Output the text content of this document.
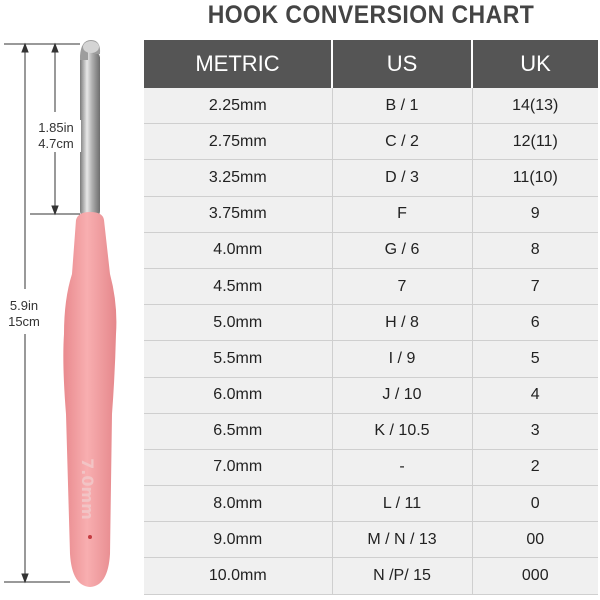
HOOK CONVERSION CHART
7.0mm
1.85in
4.7cm
5.9in
15cm
METRIC	US	UK
2.25mm	B / 1	14(13)
2.75mm	C / 2	12(11)
3.25mm	D / 3	11(10)
3.75mm	F	9
4.0mm	G / 6	8
4.5mm	7	7
5.0mm	H / 8	6
5.5mm	I / 9	5
6.0mm	J / 10	4
6.5mm	K / 10.5	3
7.0mm	-	2
8.0mm	L / 11	0
9.0mm	M / N / 13	00
10.0mm	N /P/ 15	000
